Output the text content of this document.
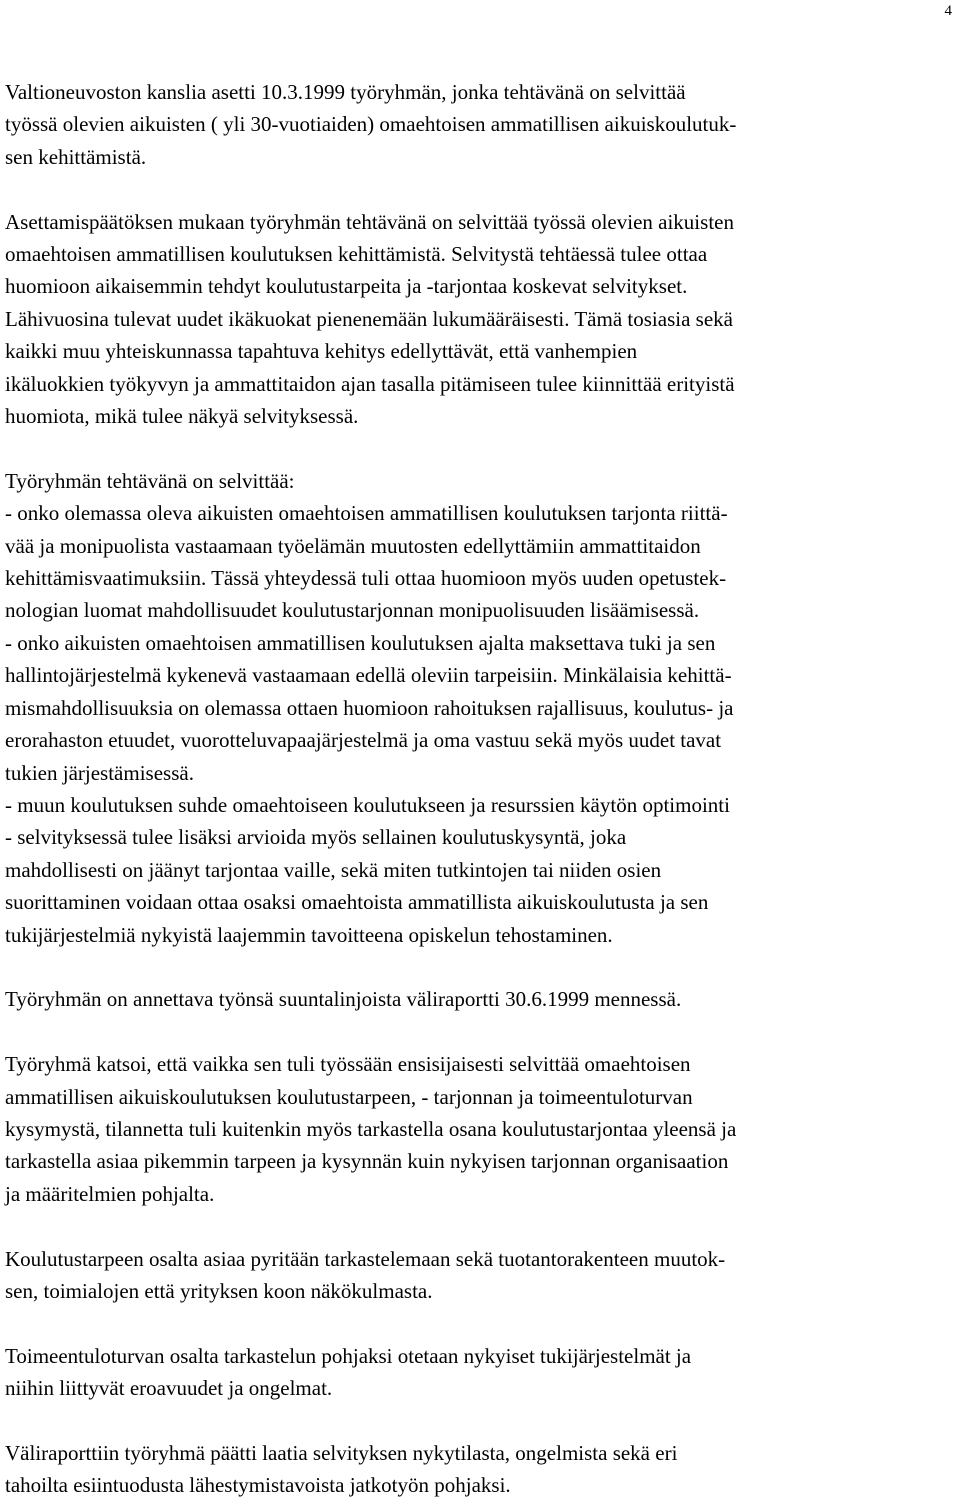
4
Valtioneuvoston kanslia asetti 10.3.1999 työryhmän, jonka tehtävänä on selvittää
työssä olevien aikuisten ( yli 30-vuotiaiden) omaehtoisen ammatillisen aikuiskoulutuk-
sen kehittämistä.
Asettamispäätöksen mukaan työryhmän tehtävänä on selvittää työssä olevien aikuisten
omaehtoisen ammatillisen koulutuksen kehittämistä. Selvitystä tehtäessä tulee ottaa
huomioon aikaisemmin tehdyt koulutustarpeita ja -tarjontaa koskevat selvitykset.
Lähivuosina tulevat uudet ikäkuokat pienenemään lukumääräisesti. Tämä tosiasia sekä
kaikki muu yhteiskunnassa tapahtuva kehitys edellyttävät, että vanhempien
ikäluokkien työkyvyn ja ammattitaidon ajan tasalla pitämiseen tulee kiinnittää erityistä
huomiota, mikä tulee näkyä selvityksessä.
Työryhmän tehtävänä on selvittää:
- onko olemassa oleva aikuisten omaehtoisen ammatillisen koulutuksen tarjonta riittä-
vää ja monipuolista vastaamaan työelämän muutosten edellyttämiin ammattitaidon
kehittämisvaatimuksiin. Tässä yhteydessä tuli ottaa huomioon myös uuden opetustek-
nologian luomat mahdollisuudet koulutustarjonnan monipuolisuuden lisäämisessä.
- onko aikuisten omaehtoisen ammatillisen koulutuksen ajalta maksettava tuki ja sen
hallintojärjestelmä kykenevä vastaamaan edellä oleviin tarpeisiin. Minkälaisia kehittä-
mismahdollisuuksia on olemassa ottaen huomioon rahoituksen rajallisuus, koulutus- ja
erorahaston etuudet, vuorotteluvapaajärjestelmä ja oma vastuu sekä myös uudet tavat
tukien järjestämisessä.
- muun koulutuksen suhde omaehtoiseen koulutukseen ja resurssien käytön optimointi
- selvityksessä tulee lisäksi arvioida myös sellainen koulutuskysyntä, joka
mahdollisesti on jäänyt tarjontaa vaille, sekä miten tutkintojen tai niiden osien
suorittaminen voidaan ottaa osaksi omaehtoista ammatillista aikuiskoulutusta ja sen
tukijärjestelmiä nykyistä laajemmin tavoitteena opiskelun tehostaminen.
Työryhmän on annettava työnsä suuntalinjoista väliraportti 30.6.1999 mennessä.
Työryhmä katsoi, että vaikka sen tuli työssään ensisijaisesti selvittää omaehtoisen
ammatillisen aikuiskoulutuksen koulutustarpeen, - tarjonnan ja toimeentuloturvan
kysymystä, tilannetta tuli kuitenkin myös tarkastella osana koulutustarjontaa yleensä ja
tarkastella asiaa pikemmin tarpeen ja kysynnän kuin nykyisen tarjonnan organisaation
ja määritelmien pohjalta.
Koulutustarpeen osalta asiaa pyritään tarkastelemaan sekä tuotantorakenteen muutok-
sen, toimialojen että yrityksen koon näkökulmasta.
Toimeentuloturvan osalta tarkastelun pohjaksi otetaan nykyiset tukijärjestelmät ja
niihin liittyvät eroavuudet ja ongelmat.
Väliraporttiin työryhmä päätti laatia selvityksen nykytilasta, ongelmista sekä eri
tahoilta esiintuodusta lähestymistavoista jatkotyön pohjaksi.
